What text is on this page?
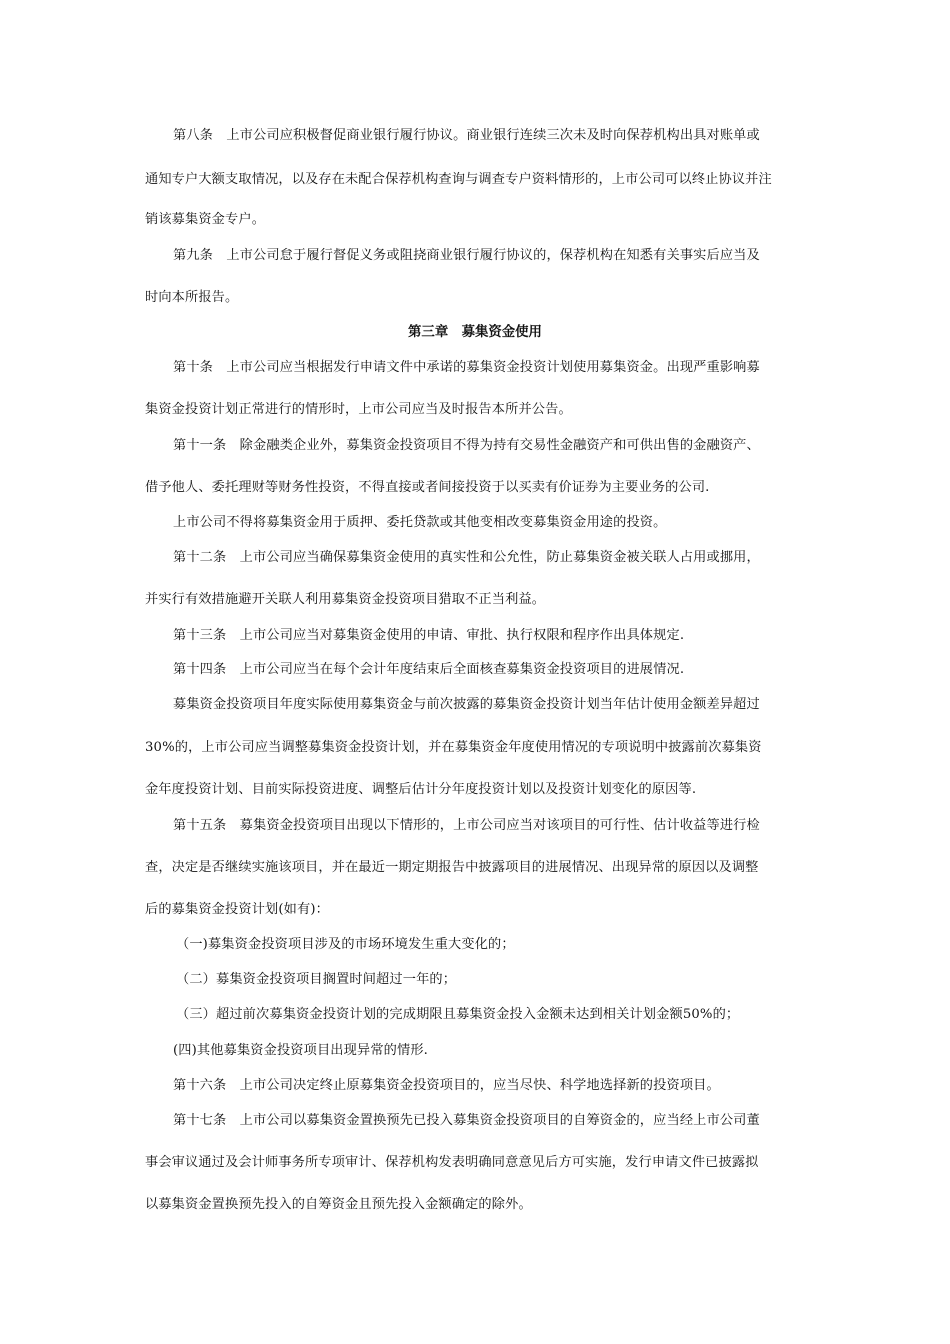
第八条　上市公司应积极督促商业银行履行协议。商业银行连续三次未及时向保荐机构出具对账单或
通知专户大额支取情况，以及存在未配合保荐机构查询与调查专户资料情形的，上市公司可以终止协议并注
销该募集资金专户。
第九条　上市公司怠于履行督促义务或阻挠商业银行履行协议的，保荐机构在知悉有关事实后应当及
时向本所报告。
第三章　募集资金使用
第十条　上市公司应当根据发行申请文件中承诺的募集资金投资计划使用募集资金。出现严重影响募
集资金投资计划正常进行的情形时，上市公司应当及时报告本所并公告。
第十一条　除金融类企业外，募集资金投资项目不得为持有交易性金融资产和可供出售的金融资产、
借予他人、委托理财等财务性投资，不得直接或者间接投资于以买卖有价证券为主要业务的公司.
上市公司不得将募集资金用于质押、委托贷款或其他变相改变募集资金用途的投资。
第十二条　上市公司应当确保募集资金使用的真实性和公允性，防止募集资金被关联人占用或挪用，
并实行有效措施避开关联人利用募集资金投资项目猎取不正当利益。
第十三条　上市公司应当对募集资金使用的申请、审批、执行权限和程序作出具体规定.
第十四条　上市公司应当在每个会计年度结束后全面核查募集资金投资项目的进展情况.
募集资金投资项目年度实际使用募集资金与前次披露的募集资金投资计划当年估计使用金额差异超过
30%的，上市公司应当调整募集资金投资计划，并在募集资金年度使用情况的专项说明中披露前次募集资
金年度投资计划、目前实际投资进度、调整后估计分年度投资计划以及投资计划变化的原因等.
第十五条　募集资金投资项目出现以下情形的，上市公司应当对该项目的可行性、估计收益等进行检
查，决定是否继续实施该项目，并在最近一期定期报告中披露项目的进展情况、出现异常的原因以及调整
后的募集资金投资计划(如有)：
（一)募集资金投资项目涉及的市场环境发生重大变化的；
（二）募集资金投资项目搁置时间超过一年的；
（三）超过前次募集资金投资计划的完成期限且募集资金投入金额未达到相关计划金额50%的；
(四)其他募集资金投资项目出现异常的情形.
第十六条　上市公司决定终止原募集资金投资项目的，应当尽快、科学地选择新的投资项目。
第十七条　上市公司以募集资金置换预先已投入募集资金投资项目的自筹资金的，应当经上市公司董
事会审议通过及会计师事务所专项审计、保荐机构发表明确同意意见后方可实施，发行申请文件已披露拟
以募集资金置换预先投入的自筹资金且预先投入金额确定的除外。
